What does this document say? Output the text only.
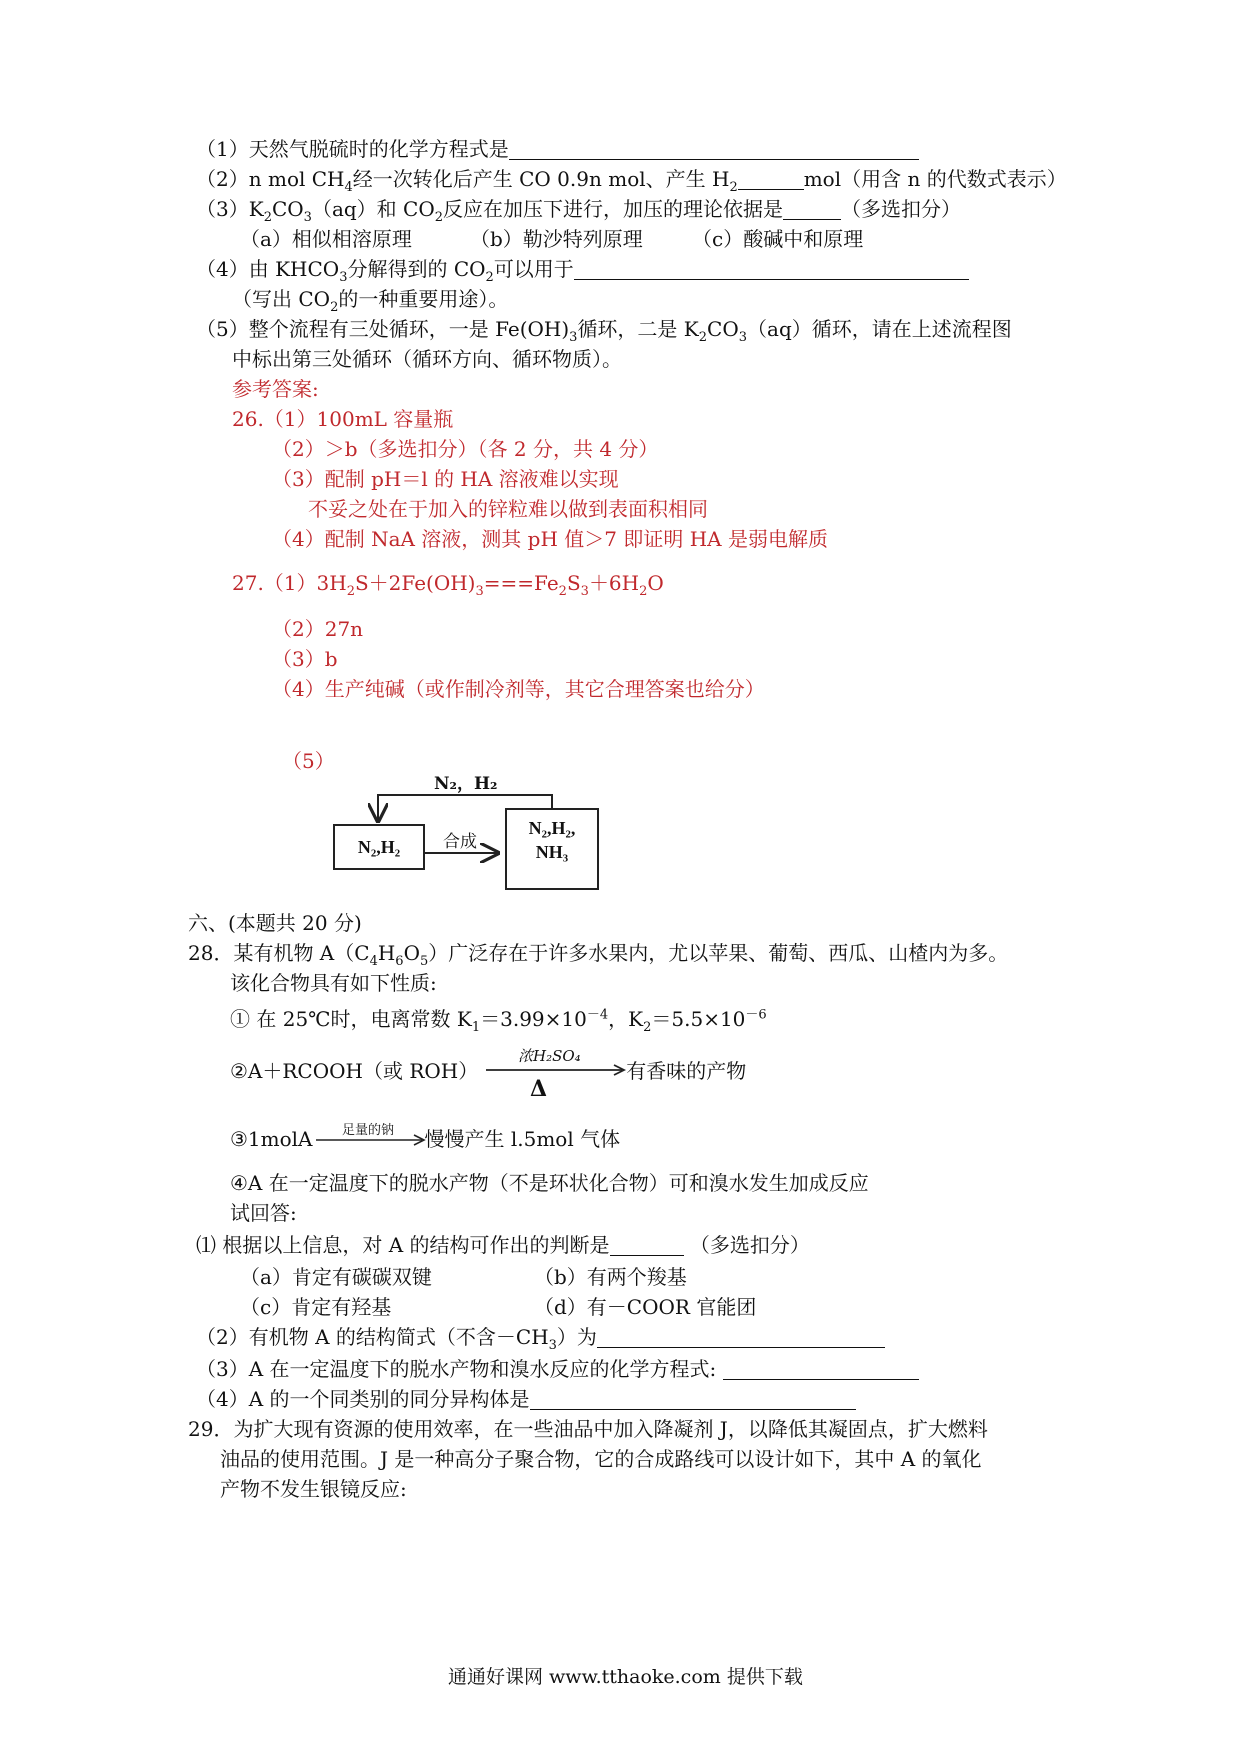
（1）天然气脱硫时的化学方程式是
（2）n mol $CH_4$经一次转化后产生 CO 0.9n mol、产生 $H_2$	mol（用含 n 的代数式表示）
$(3)K_2CO_3(aq)$和 $CO_2$反应在加压下进行，加压的理论依据是	（多选扣分）
（a）相似相溶原理	（b）勒沙特列原理 （c）酸碱中和原理
（4）由 $KHCO_3$分解得到的 $CO_2$可以用于
（写出 $CO_2$的一种重要用途）。
（5）整个流程有三处循环，一是 $Fe(OH)_3$循环，二是 $K_2CO_3(aq)$循环，请在上述流程图
中标出第三处循环（循环方向、循环物质）。
参考答案:
26.（1）100mL 容量瓶
（2）＞b（多选扣分）（各 2 分，共 4 分）
（3）配制 pH＝l 的 HA 溶液难以实现
不妥之处在于加入的锌粒难以做到表面积相同
（4）配制 NaA 溶液，测其 pH 值＞7 即证明 HA 是弱电解质
$27.(1)3H_2S+2Fe(OH)_3===Fe_2S_3+6H_2O$
（2）27n
（3）b
（4）生产纯碱（或作制冷剂等，其它合理答案也给分）
（5）
N₂，H₂
N₂,H₂	合成
N₂,H₂,
NH₃
六、(本题共 20 分)
28．某有机物 $A(C_4H_6O_5)$广泛存在于许多水果内，尤以苹果、葡萄、西瓜、山楂内为多。
该化合物具有如下性质:
① 在 25℃时，电离常数 $K_1=3.99\times 10^{-4}$，$K_2=5.5\times 10^{-6}$
②A＋RCOOH（或 ROH）	有香味的产物
浓H₂SO₄
Δ
③1molA	慢慢产生 l.5mol 气体
足量的钠
④A 在一定温度下的脱水产物（不是环状化合物）可和溴水发生加成反应
试回答:
⑴ 根据以上信息，对 A 的结构可作出的判断是	（多选扣分）
（a）肯定有碳碳双键	（b）有两个羧基
（c）肯定有羟基	（d）有－COOR 官能团
（2）有机物 A 的结构简式（不含$-CH_3$）为
（3）A 在一定温度下的脱水产物和溴水反应的化学方程式:
（4）A 的一个同类别的同分异构体是
29．为扩大现有资源的使用效率，在一些油品中加入降凝剂 J，以降低其凝固点，扩大燃料
油品的使用范围。J 是一种高分子聚合物，它的合成路线可以设计如下，其中 A 的氧化
产物不发生银镜反应:
通通好课网 www.tthaoke.com 提供下载
